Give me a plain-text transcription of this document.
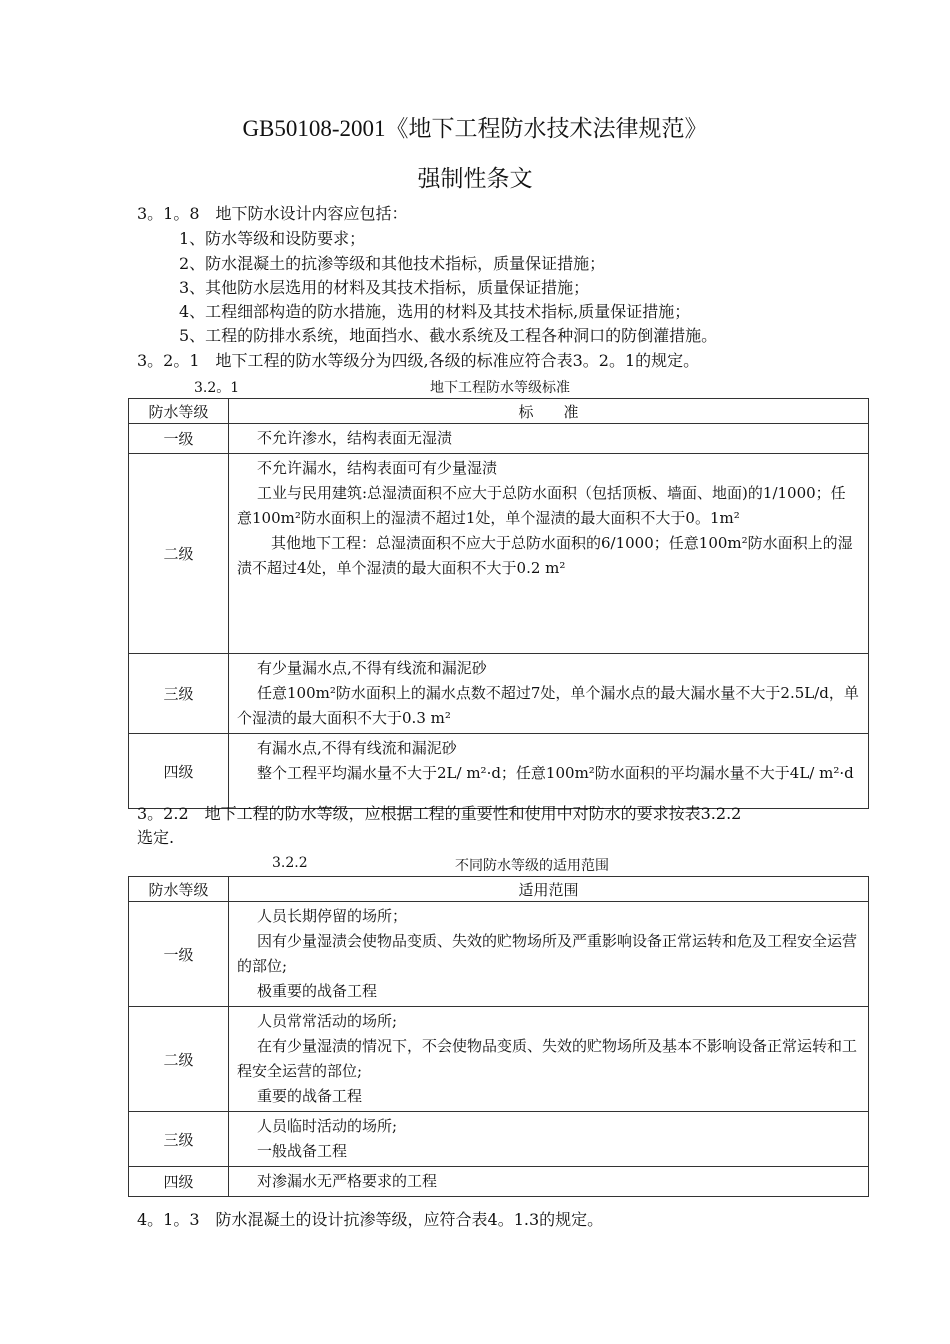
GB50108-2001《地下工程防水技术法律规范》
强制性条文
3。1。8　地下防水设计内容应包括：
1、防水等级和设防要求；
2、防水混凝土的抗渗等级和其他技术指标，质量保证措施；
3、其他防水层选用的材料及其技术指标，质量保证措施；
4、工程细部构造的防水措施，选用的材料及其技术指标,质量保证措施；
5、工程的防排水系统，地面挡水、截水系统及工程各种洞口的防倒灌措施。
3。2。1　地下工程的防水等级分为四级,各级的标准应符合表3。2。1的规定。
3.2。1	地下工程防水等级标准
防水等级	标　　准
一级	不允许渗水，结构表面无湿渍

二级	不允许漏水，结构表面可有少量湿渍

工业与民用建筑:总湿渍面积不应大于总防水面积（包括顶板、墙面、地面)的1/1000；任意100m²防水面积上的湿渍不超过1处，单个湿渍的最大面积不大于0。1m²

其他地下工程：总湿渍面积不应大于总防水面积的6/1000；任意100m²防水面积上的湿渍不超过4处，单个湿渍的最大面积不大于0.2 m²

三级	有少量漏水点,不得有线流和漏泥砂

任意100m²防水面积上的漏水点数不超过7处，单个漏水点的最大漏水量不大于2.5L/d，单个湿渍的最大面积不大于0.3 m²

四级	有漏水点,不得有线流和漏泥砂

整个工程平均漏水量不大于2L/ m²·d；任意100m²防水面积的平均漏水量不大于4L/ m²·d

3。2.2　地下工程的防水等级，应根据工程的重要性和使用中对防水的要求按表3.2.2
选定.
3.2.2	不同防水等级的适用范围
防水等级	适用范围
一级	人员长期停留的场所；

因有少量湿渍会使物品变质、失效的贮物场所及严重影响设备正常运转和危及工程安全运营的部位;

极重要的战备工程

二级	人员常常活动的场所;

在有少量湿渍的情况下，不会使物品变质、失效的贮物场所及基本不影响设备正常运转和工程安全运营的部位;

重要的战备工程

三级	人员临时活动的场所;

一般战备工程

四级	对渗漏水无严格要求的工程

4。1。3　防水混凝土的设计抗渗等级，应符合表4。1.3的规定。
